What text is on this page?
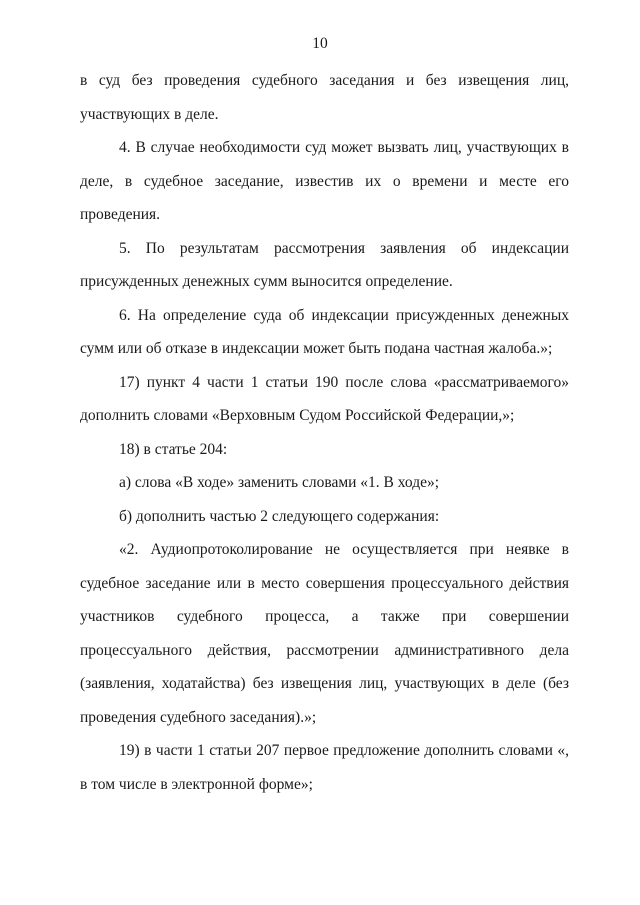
10

в суд без проведения судебного заседания и без извещения лиц, участвующих в деле.

4. В случае необходимости суд может вызвать лиц, участвующих в деле, в судебное заседание, известив их о времени и месте его проведения.

5. По результатам рассмотрения заявления об индексации присужденных денежных сумм выносится определение.

6. На определение суда об индексации присужденных денежных сумм или об отказе в индексации может быть подана частная жалоба.»;

17) пункт 4 части 1 статьи 190 после слова «рассматриваемого» дополнить словами «Верховным Судом Российской Федерации,»;

18) в статье 204:

а) слова «В ходе» заменить словами «1. В ходе»;

б) дополнить частью 2 следующего содержания:

«2. Аудиопротоколирование не осуществляется при неявке в судебное заседание или в место совершения процессуального действия участников судебного процесса, а также при совершении процессуального действия, рассмотрении административного дела (заявления, ходатайства) без извещения лиц, участвующих в деле (без проведения судебного заседания).»;

19) в части 1 статьи 207 первое предложение дополнить словами «, в том числе в электронной форме»;
